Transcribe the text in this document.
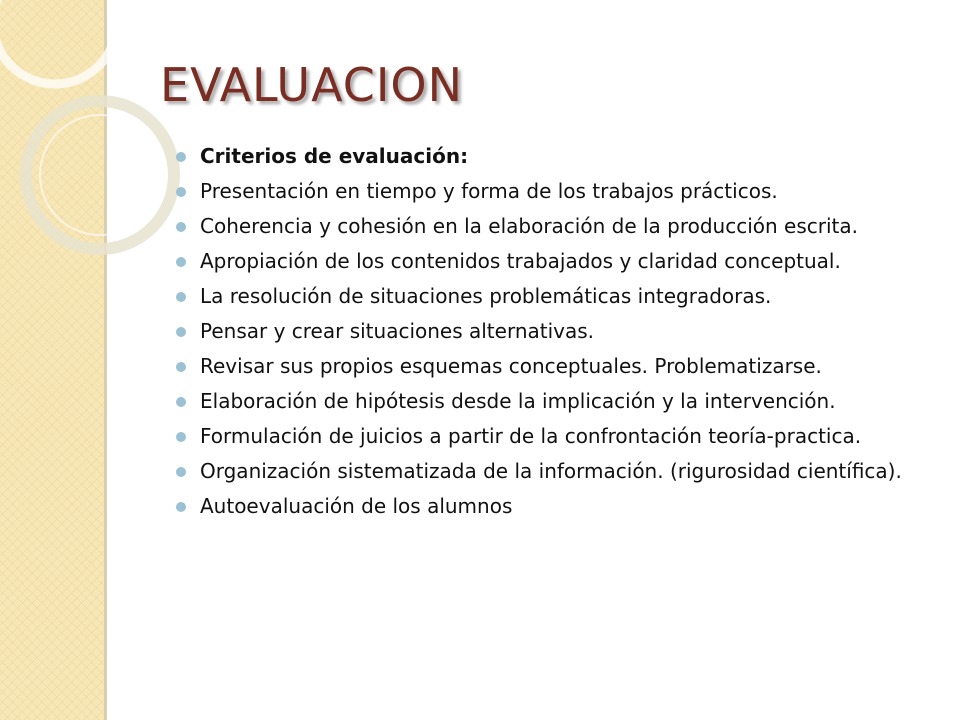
EVALUACION
Criterios de evaluación:
Presentación en tiempo y forma de los trabajos prácticos.
Coherencia y cohesión en la elaboración de la producción escrita.
Apropiación de los contenidos trabajados y claridad conceptual.
La resolución de situaciones problemáticas integradoras.
Pensar y crear situaciones alternativas.
Revisar sus propios esquemas conceptuales. Problematizarse.
Elaboración de hipótesis desde la implicación y la intervención.
Formulación de juicios a partir de la confrontación teoría-practica.
Organización sistematizada de la información. (rigurosidad científica).
Autoevaluación de los alumnos
